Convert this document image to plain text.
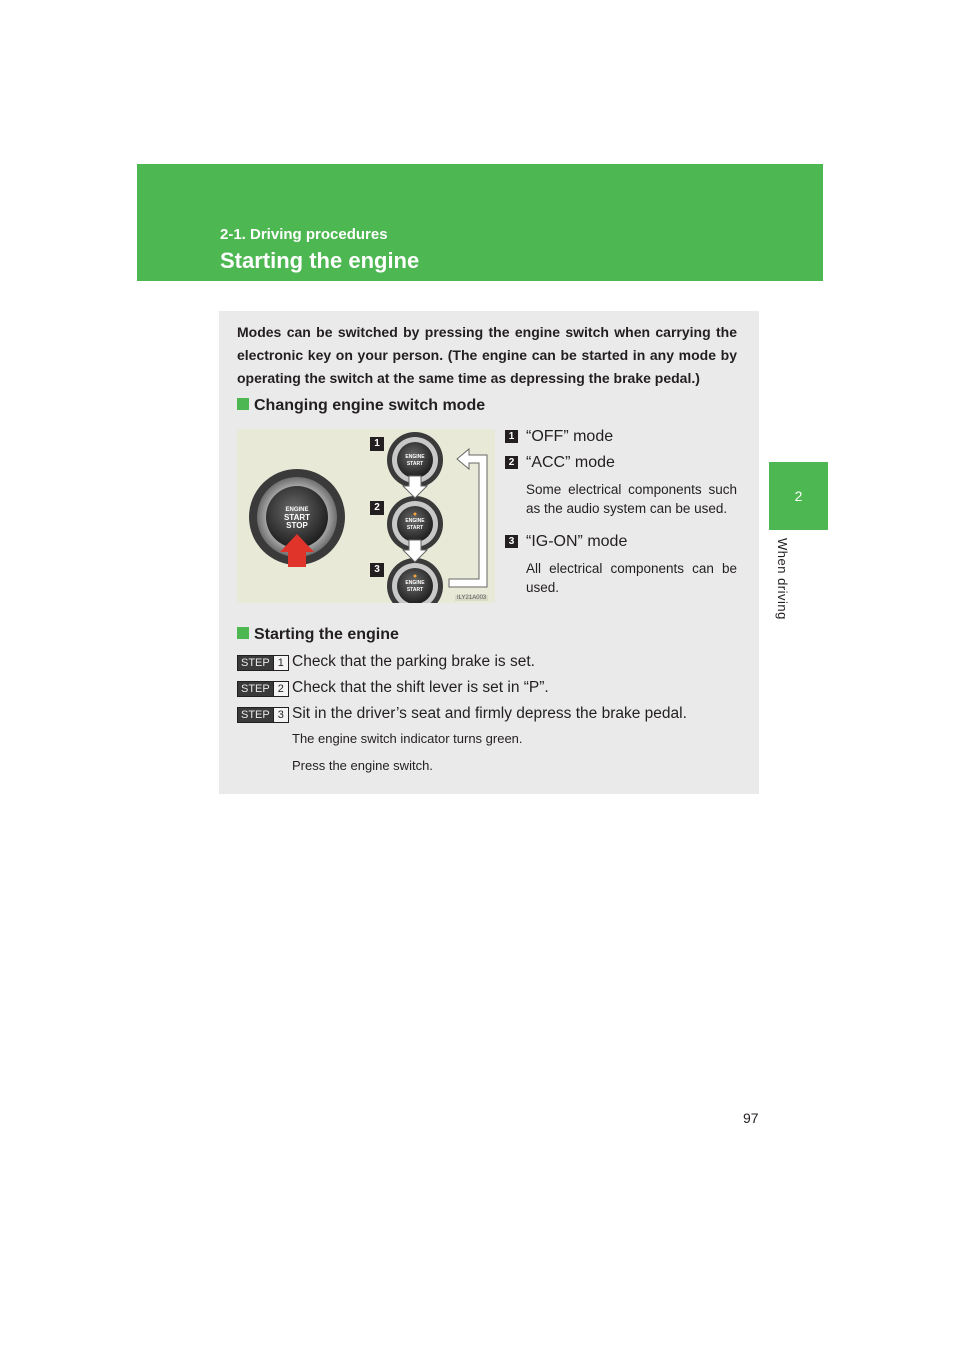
2-1. Driving procedures
Starting the engine
2
When driving
Modes can be switched by pressing the engine switch when carrying the electronic key on your person. (The engine can be started in any mode by operating the switch at the same time as depressing the brake pedal.)
Changing engine switch mode
ENGINE
START
STOP
ENGINE
START
ENGINE
START
ENGINE
START
1
2
3
ILY21A003
1 “OFF” mode
2 “ACC” mode
Some electrical components such as the audio system can be used.
3 “IG-ON” mode
All electrical components can be used.
Starting the engine
STEP 1 Check that the parking brake is set.
STEP 2 Check that the shift lever is set in “P”.
STEP 3 Sit in the driver’s seat and firmly depress the brake pedal.
The engine switch indicator turns green.
Press the engine switch.
97
